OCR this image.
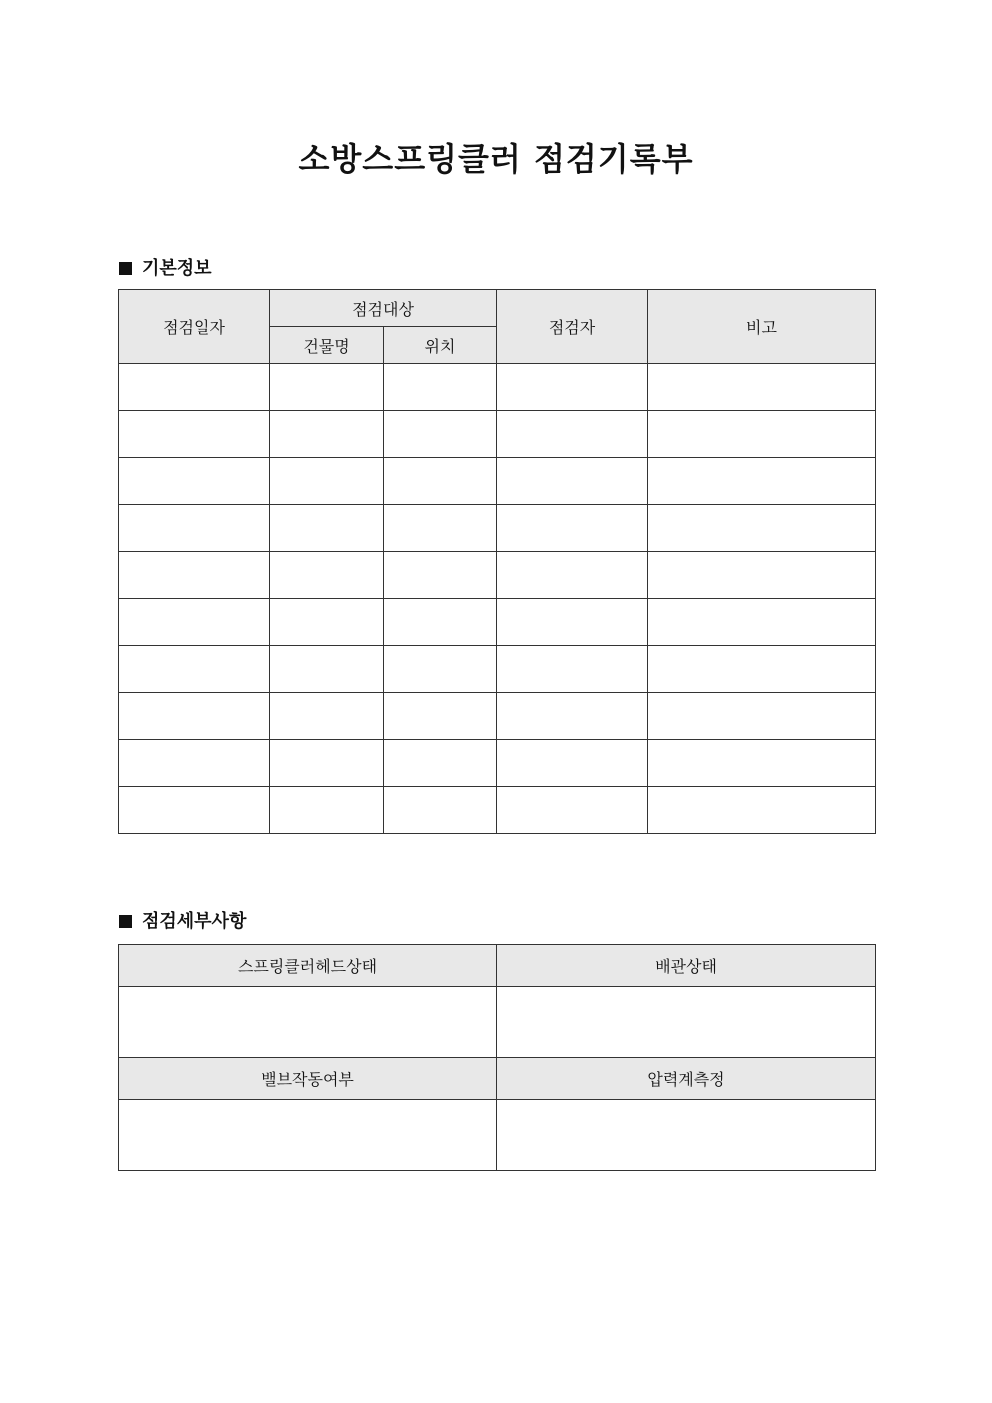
소방스프링클러 점검기록부
기본정보
점검일자	점검대상		점검자	비고
	건물명	위치		

점검세부사항
스프링클러헤드상태	배관상태

밸브작동여부	압력계측정
